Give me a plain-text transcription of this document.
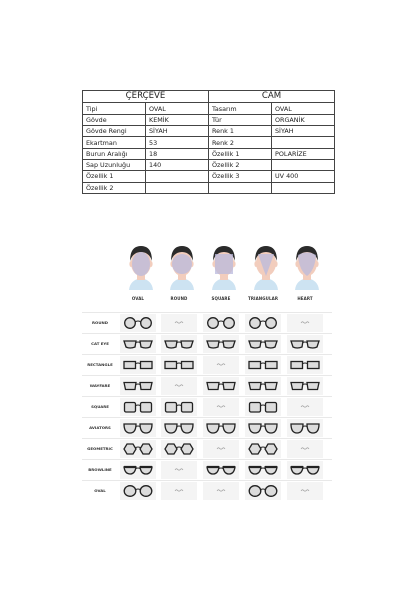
ÇERÇEVE		CAM	
Tipi	OVAL	Tasarım	OVAL
Gövde	KEMİK	Tür	ORGANİK
Gövde Rengi	SİYAH	Renk 1	SİYAH
Ekartman	53	Renk 2	
Burun Aralığı	18	Özellik 1	POLARİZE
Sap Uzunluğu	140	Özellik 2	
Özellik 1		Özellik 3	UV 400
Özellik 2			
OVAL	ROUND	SQUARE	TRIANGULAR	HEART
ROUND
CAT EYE
RECTANGLE
WAYFARE
SQUARE
AVIATORS
GEOMETRIC
BROWLINE
OVAL
